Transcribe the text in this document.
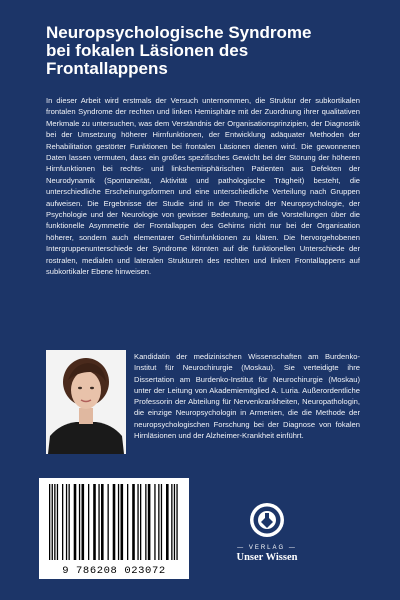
Neuropsychologische Syndrome
bei fokalen Läsionen des
Frontallappens
In dieser Arbeit wird erstmals der Versuch unternommen, die Struktur der subkortikalen frontalen Syndrome der rechten und linken Hemisphäre mit der Zuordnung ihrer qualitativen Merkmale zu untersuchen, was dem Verständnis der Organisationsprinzipien, der Diagnostik bei der Umsetzung höherer Hirnfunktionen, der Entwicklung adäquater Methoden der Rehabilitation gestörter Funktionen bei frontalen Läsionen dienen wird. Die gewonnenen Daten lassen vermuten, dass ein großes spezifisches Gewicht bei der Störung der höheren Hirnfunktionen bei rechts- und linkshemisphärischen Patienten aus Defekten der Neurodynamik (Spontaneität, Aktivität und pathologische Trägheit) besteht, die unterschiedliche Erscheinungsformen und eine unterschiedliche Verteilung nach Gruppen aufweisen. Die Ergebnisse der Studie sind in der Theorie der Neuropsychologie, der Psychologie und der Neurologie von gewisser Bedeutung, um die Vorstellungen über die funktionelle Asymmetrie der Frontallappen des Gehirns nicht nur bei der Organisation höherer, sondern auch elementarer Gehirnfunktionen zu klären. Die hervorgehobenen Intergruppenunterschiede der Syndrome könnten auf die funktionellen Unterschiede der rostralen, medialen und lateralen Strukturen des rechten und linken Frontallappens auf subkortikaler Ebene hinweisen.
Kandidatin der medizinischen Wissenschaften am Burdenko-Institut für Neurochirurgie (Moskau). Sie verteidigte ihre Dissertation am Burdenko-Institut für Neurochirurgie (Moskau) unter der Leitung von Akademiemitglied A. Luria. Außerordentliche Professorin der Abteilung für Nervenkrankheiten, Neuropathologin, die einzige Neuropsychologin in Armenien, die die Methode der neuropsychologischen Forschung bei der Diagnose von fokalen Hirnläsionen und der Alzheimer-Krankheit einführt.
9 786208 023072
— VERLAG —
Unser Wissen
